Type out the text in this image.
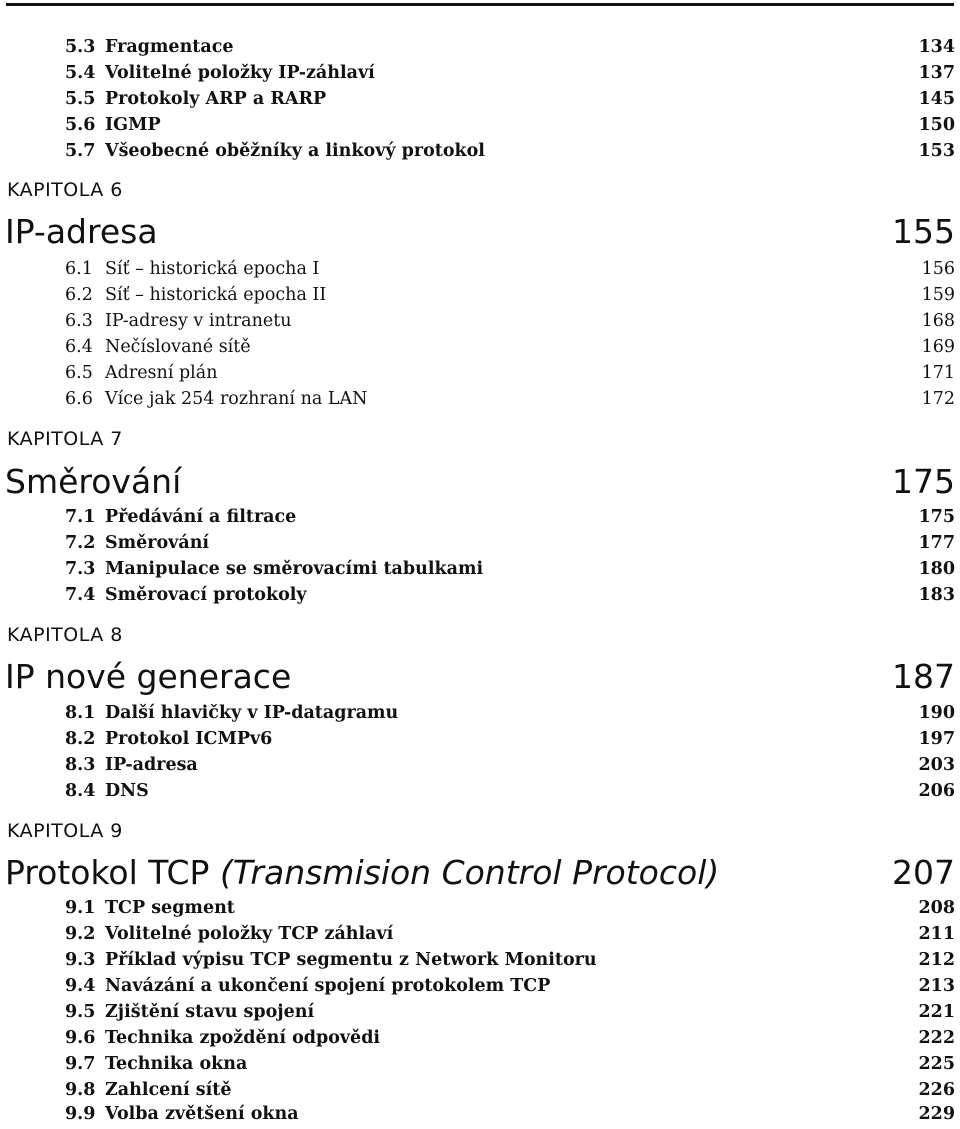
5.3 Fragmentace	134
5.4 Volitelné položky IP-záhlaví	137
5.5 Protokoly ARP a RARP	145
5.6 IGMP	150
5.7 Všeobecné oběžníky a linkový protokol	153
KAPITOLA 6
IP-adresa	155
6.1 Síť – historická epocha I	156
6.2 Síť – historická epocha II	159
6.3 IP-adresy v intranetu	168
6.4 Nečíslované sítě	169
6.5 Adresní plán	171
6.6 Více jak 254 rozhraní na LAN	172
KAPITOLA 7
Směrování	175
7.1 Předávání a filtrace	175
7.2 Směrování	177
7.3 Manipulace se směrovacími tabulkami	180
7.4 Směrovací protokoly	183
KAPITOLA 8
IP nové generace	187
8.1 Další hlavičky v IP-datagramu	190
8.2 Protokol ICMPv6	197
8.3 IP-adresa	203
8.4 DNS	206
KAPITOLA 9
Protokol TCP (Transmision Control Protocol)	207
9.1 TCP segment	208
9.2 Volitelné položky TCP záhlaví	211
9.3 Příklad výpisu TCP segmentu z Network Monitoru	212
9.4 Navázání a ukončení spojení protokolem TCP	213
9.5 Zjištění stavu spojení	221
9.6 Technika zpoždění odpovědi	222
9.7 Technika okna	225
9.8 Zahlcení sítě	226
9.9 Volba zvětšení okna	229
